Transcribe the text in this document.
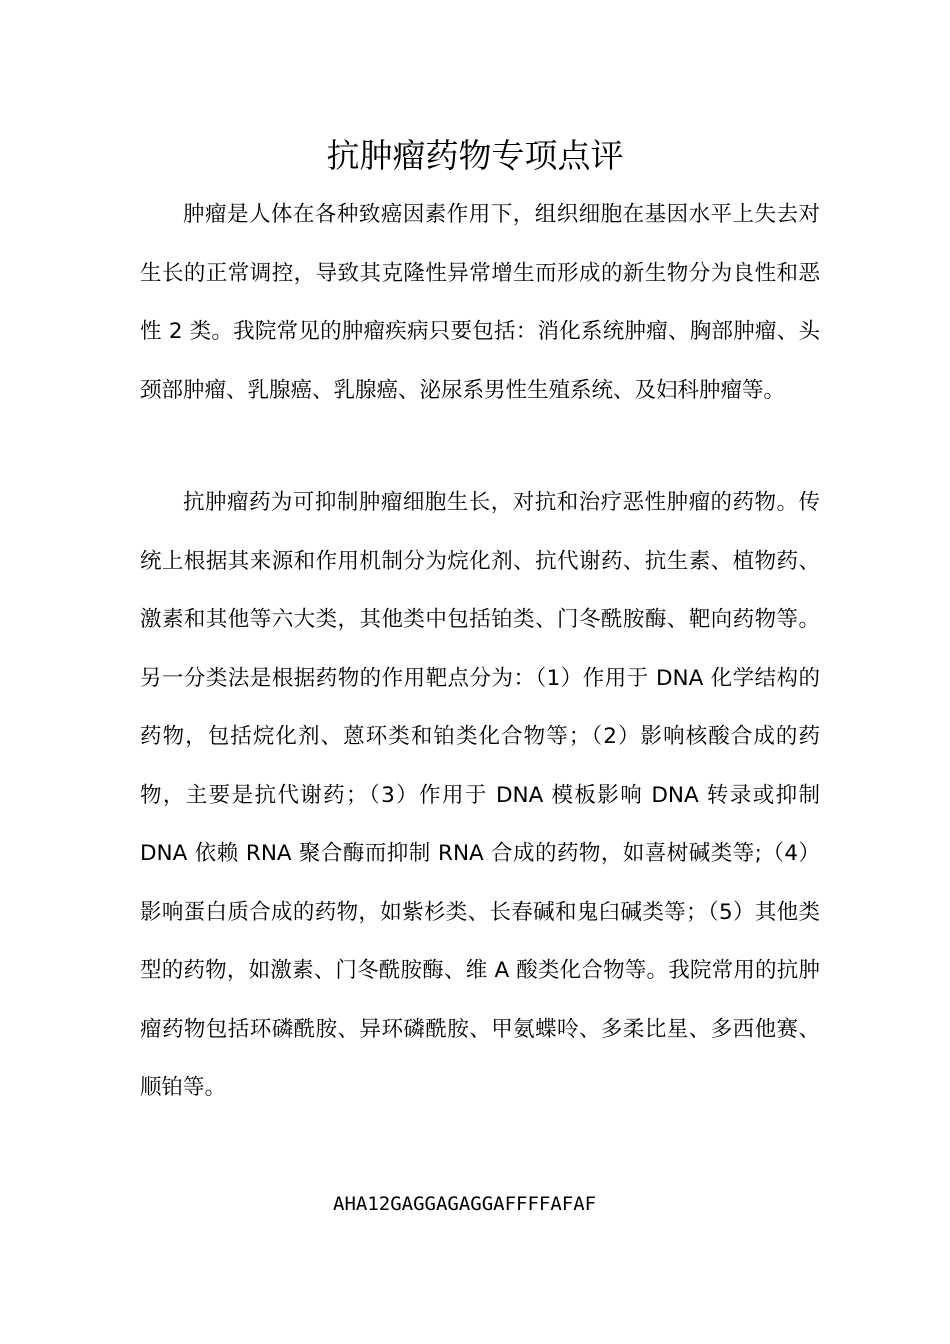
抗肿瘤药物专项点评

肿瘤是人体在各种致癌因素作用下，组织细胞在基因水平上失去对生长的正常调控，导致其克隆性异常增生而形成的新生物分为良性和恶性 2 类。我院常见的肿瘤疾病只要包括：消化系统肿瘤、胸部肿瘤、头颈部肿瘤、乳腺癌、乳腺癌、泌尿系男性生殖系统、及妇科肿瘤等。

抗肿瘤药为可抑制肿瘤细胞生长，对抗和治疗恶性肿瘤的药物。传统上根据其来源和作用机制分为烷化剂、抗代谢药、抗生素、植物药、激素和其他等六大类，其他类中包括铂类、门冬酰胺酶、靶向药物等。另一分类法是根据药物的作用靶点分为：（1）作用于 DNA 化学结构的药物，包括烷化剂、蒽环类和铂类化合物等；（2）影响核酸合成的药物，主要是抗代谢药；（3）作用于 DNA 模板影响 DNA 转录或抑制 DNA 依赖 RNA 聚合酶而抑制 RNA 合成的药物，如喜树碱类等;（4）影响蛋白质合成的药物，如紫杉类、长春碱和鬼臼碱类等；（5）其他类型的药物，如激素、门冬酰胺酶、维 A 酸类化合物等。我院常用的抗肿瘤药物包括环磷酰胺、异环磷酰胺、甲氨蝶呤、多柔比星、多西他赛、顺铂等。

AHA12GAGGAGAGGAFFFFAFAF
